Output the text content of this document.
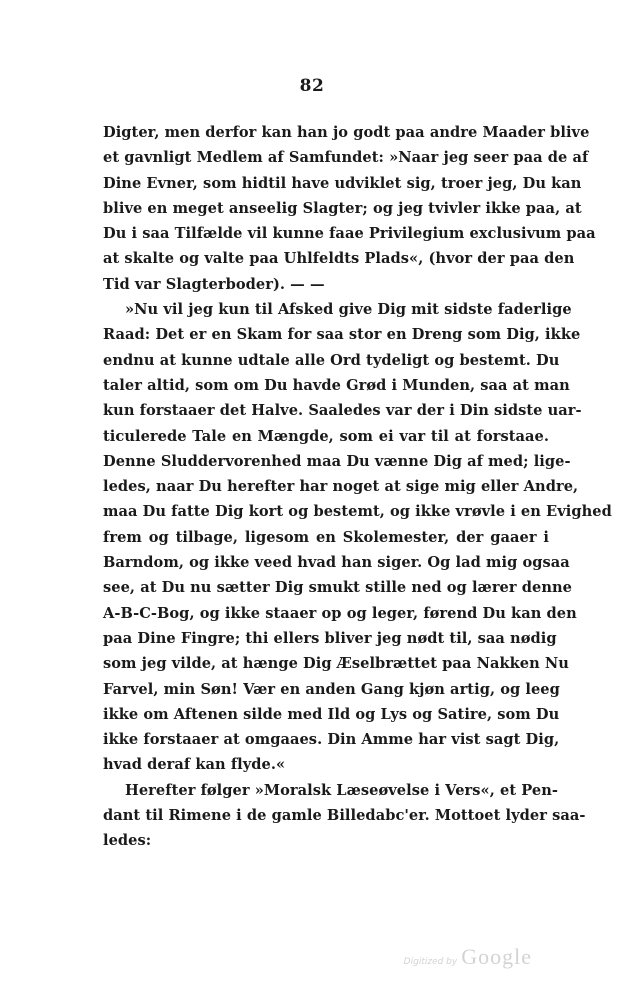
82
Digter, men derfor kan han jo godt paa andre Maader blive
et gavnligt Medlem af Samfundet: »Naar jeg seer paa de af
Dine Evner, som hidtil have udviklet sig, troer jeg, Du kan
blive en meget anseelig Slagter; og jeg tvivler ikke paa, at
Du i saa Tilfælde vil kunne faae Privilegium exclusivum paa
at skalte og valte paa Uhlfeldts Plads«, (hvor der paa den
Tid var Slagterboder). — —
»Nu vil jeg kun til Afsked give Dig mit sidste faderlige
Raad: Det er en Skam for saa stor en Dreng som Dig, ikke
endnu at kunne udtale alle Ord tydeligt og bestemt. Du
taler altid, som om Du havde Grød i Munden, saa at man
kun forstaaer det Halve. Saaledes var der i Din sidste uar-
ticulerede Tale en Mængde, som ei var til at forstaae.
Denne Sluddervorenhed maa Du vænne Dig af med; lige-
ledes, naar Du herefter har noget at sige mig eller Andre,
maa Du fatte Dig kort og bestemt, og ikke vrøvle i en Evighed
frem og tilbage, ligesom en Skolemester, der gaaer i
Barndom, og ikke veed hvad han siger. Og lad mig ogsaa
see, at Du nu sætter Dig smukt stille ned og lærer denne
A-B-C-Bog, og ikke staaer op og leger, førend Du kan den
paa Dine Fingre; thi ellers bliver jeg nødt til, saa nødig
som jeg vilde, at hænge Dig Æselbrættet paa Nakken Nu
Farvel, min Søn! Vær en anden Gang kjøn artig, og leeg
ikke om Aftenen silde med Ild og Lys og Satire, som Du
ikke forstaaer at omgaaes. Din Amme har vist sagt Dig,
hvad deraf kan flyde.«
Herefter følger »Moralsk Læseøvelse i Vers«, et Pen-
dant til Rimene i de gamle Billedabc'er. Mottoet lyder saa-
ledes:
Digitized by Google
